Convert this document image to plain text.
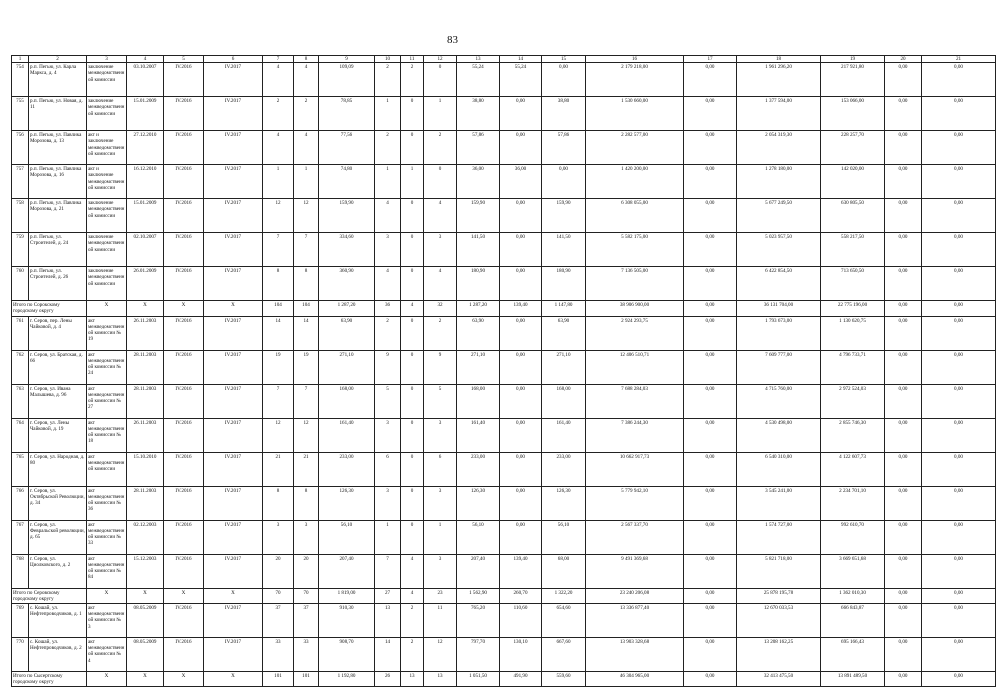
83
1	2	3	4	5	6	7	8	9	10	11	12	13	14	15	16	17	18	19	20	21
754	р.п. Пегью, ул. Карла Маркса, д. 4	заключение межведомственной комиссии	03.10.2007	IV.2016	IV.2017	4	4	109,09	2	2	0	55,24	55,24	0,00	2 179 218,00	0,00	1 961 296,20	217 921,80	0,00	0,00
755	р.п. Пегью, ул. Новая, д. 11	заключение межведомственной комиссии	15.01.2009	IV.2016	IV.2017	2	2	78,85	1	0	1	38,80	0,00	38,80	1 530 660,00	0,00	1 377 594,00	153 066,00	0,00	0,00
756	р.п. Пегью, ул. Павлика Морозова, д. 13	акт и заключение межведомственной комиссии	27.12.2010	IV.2016	IV.2017	4	4	77,56	2	0	2	57,86	0,00	57,86	2 282 577,00	0,00	2 054 319,30	228 257,70	0,00	0,00
757	р.п. Пегью, ул. Павлика Морозова, д. 16	акт и заключение межведомственной комиссии	16.12.2010	IV.2016	IV.2017	1	1	74,80	1	1	0	36,00	36,00	0,00	1 420 200,00	0,00	1 278 180,00	142 020,00	0,00	0,00
758	р.п. Пегью, ул. Павлика Морозова, д. 21	заключение межведомственной комиссии	15.01.2009	IV.2016	IV.2017	12	12	159,90	4	0	4	159,90	0,00	159,90	6 308 055,00	0,00	5 677 249,50	630 805,50	0,00	0,00
759	р.п. Пегью, ул. Строителей, д. 24	заключение межведомственной комиссии	02.10.2007	IV.2016	IV.2017	7	7	334,60	3	0	3	141,50	0,00	141,50	5 582 175,00	0,00	5 023 957,50	558 217,50	0,00	0,00
760	р.п. Пегью, ул. Строителей, д. 26	заключение межведомственной комиссии	26.01.2009	IV.2016	IV.2017	8	8	360,90	4	0	4	180,90	0,00	180,90	7 136 505,00	0,00	6 422 854,50	713 650,50	0,00	0,00
Итого по Сорокскому городскому округу		X	X	X	X	104	104	1 287,20	36	4	32	1 287,20	139,40	1 147,80	38 906 900,00	0,00	36 131 704,00	22 775 196,00	0,00	0,00
761	г. Серов, пер. Лены Чайковой, д. 4	акт межведомственной комиссии № 19	26.11.2003	IV.2016	IV.2017	14	14	63,90	2	0	2	63,90	0,00	63,90	2 924 293,75	0,00	1 793 673,00	1 130 620,75	0,00	0,00
762	г. Серов, ул. Братская, д. 66	акт межведомственной комиссии № 24	28.11.2003	IV.2016	IV.2017	19	19	271,10	9	0	9	271,10	0,00	271,10	12 406 510,71	0,00	7 609 777,00	4 796 733,71	0,00	0,00
763	г. Серов, ул. Ивана Малышева, д. 96	акт межведомственной комиссии № 27	28.11.2003	IV.2016	IV.2017	7	7	168,00	5	0	5	168,00	0,00	168,00	7 688 284,03	0,00	4 715 760,00	2 972 524,03	0,00	0,00
764	г. Серов, ул. Лены Чайковой, д. 19	акт межведомственной комиссии № 18	26.11.2003	IV.2016	IV.2017	12	12	161,40	3	0	3	161,40	0,00	161,40	7 386 244,30	0,00	4 530 498,00	2 855 746,30	0,00	0,00
765	г. Серов, ул. Народная, д. 80	акт межведомственной комиссии	15.10.2010	IV.2016	IV.2017	21	21	233,00	6	0	6	233,00	0,00	233,00	10 662 917,73	0,00	6 540 310,00	4 122 607,73	0,00	0,00
766	г. Серов, ул. Октябрьской Революции, д. 34	акт межведомственной комиссии № 36	28.11.2003	IV.2016	IV.2017	8	8	126,30	3	0	3	126,30	0,00	126,30	5 779 942,10	0,00	3 545 241,00	2 234 701,10	0,00	0,00
767	г. Серов, ул. Февральской революции, д. 65	акт межведомственной комиссии № 33	02.12.2003	IV.2016	IV.2017	3	3	56,10	1	0	1	56,10	0,00	56,10	2 567 337,70	0,00	1 574 727,00	992 610,70	0,00	0,00
768	г. Серов, ул. Циолковского, д. 2	акт межведомственной комиссии № 84	15.12.2003	IV.2016	IV.2017	20	20	207,40	7	4	3	207,40	139,40	68,00	9 491 369,68	0,00	5 821 718,00	3 669 651,68	0,00	0,00
Итого по Серовскому городскому округу		X	X	X	X	70	70	1 819,00	27	4	23	1 562,90	260,70	1 322,20	23 240 206,08	0,00	25 878 195,78	1 362 010,30	0,00	0,00
769	с. Кошай, ул. Нефтепроводчиков, д. 1	акт межведомственной комиссии № 3	08.05.2009	IV.2016	IV.2017	37	37	910,30	13	2	11	765,20	110,60	654,60	13 336 877,40	0,00	12 670 033,53	666 843,87	0,00	0,00
770	с. Кошай, ул. Нефтепроводчиков, д. 2	акт межведомственной комиссии № 4	08.05.2009	IV.2016	IV.2017	33	33	908,70	14	2	12	797,70	130,10	667,60	13 903 328,68	0,00	13 208 162,25	695 166,43	0,00	0,00
Итого по Сысертскому городскому округу		X	X	X	X	101	101	1 192,80	26	13	13	1 051,50	491,90	559,60	46 304 965,00	0,00	32 413 475,50	13 891 489,50	0,00	0,00
